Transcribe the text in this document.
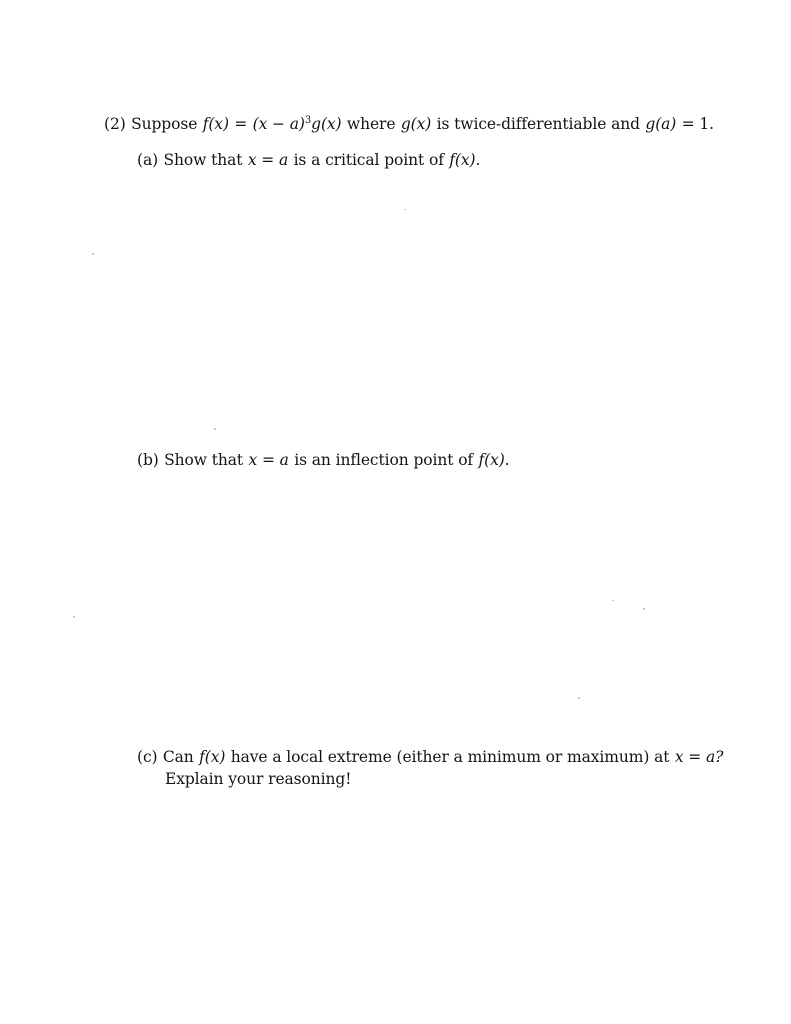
(2) Suppose $f(x) = (x - a)^3g(x)$ where g(x) is twice-differentiable and g(a) = 1.
(a) Show that x = a is a critical point of f(x).
(b) Show that x = a is an inflection point of f(x).
(c) Can f(x) have a local extreme (either a minimum or maximum) at x = a?
Explain your reasoning!
